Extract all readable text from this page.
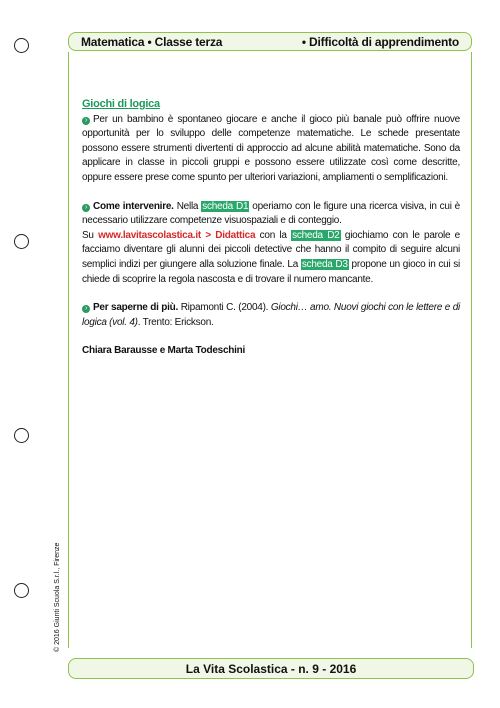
Matematica • Classe terza	• Difficoltà di apprendimento
© 2016 Giunti Scuola S.r.l., Firenze
Giochi di logica

› Per un bambino è spontaneo giocare e anche il gioco più banale può offrire nuove opportunità per lo sviluppo delle competenze matematiche. Le schede presentate possono essere strumenti divertenti di approccio ad alcune abilità matematiche. Sono da applicare in classe in piccoli gruppi e possono essere utilizzate così come descritte, oppure essere prese come spunto per ulteriori variazioni, ampliamenti o semplificazioni.

› Come intervenire. Nella scheda D1 operiamo con le figure una ricerca visiva, in cui è necessario utilizzare competenze visuospaziali e di conteggio.
Su www.lavitascolastica.it > Didattica con la scheda D2 giochiamo con le parole e facciamo diventare gli alunni dei piccoli detective che hanno il compito di seguire alcuni semplici indizi per giungere alla soluzione finale. La scheda D3 propone un gioco in cui si chiede di scoprire la regola nascosta e di trovare il numero mancante.

› Per saperne di più. Ripamonti C. (2004). Giochi… amo. Nuovi giochi con le lettere e di logica (vol. 4). Trento: Erickson.

Chiara Barausse e Marta Todeschini

La Vita Scolastica - n. 9 - 2016
